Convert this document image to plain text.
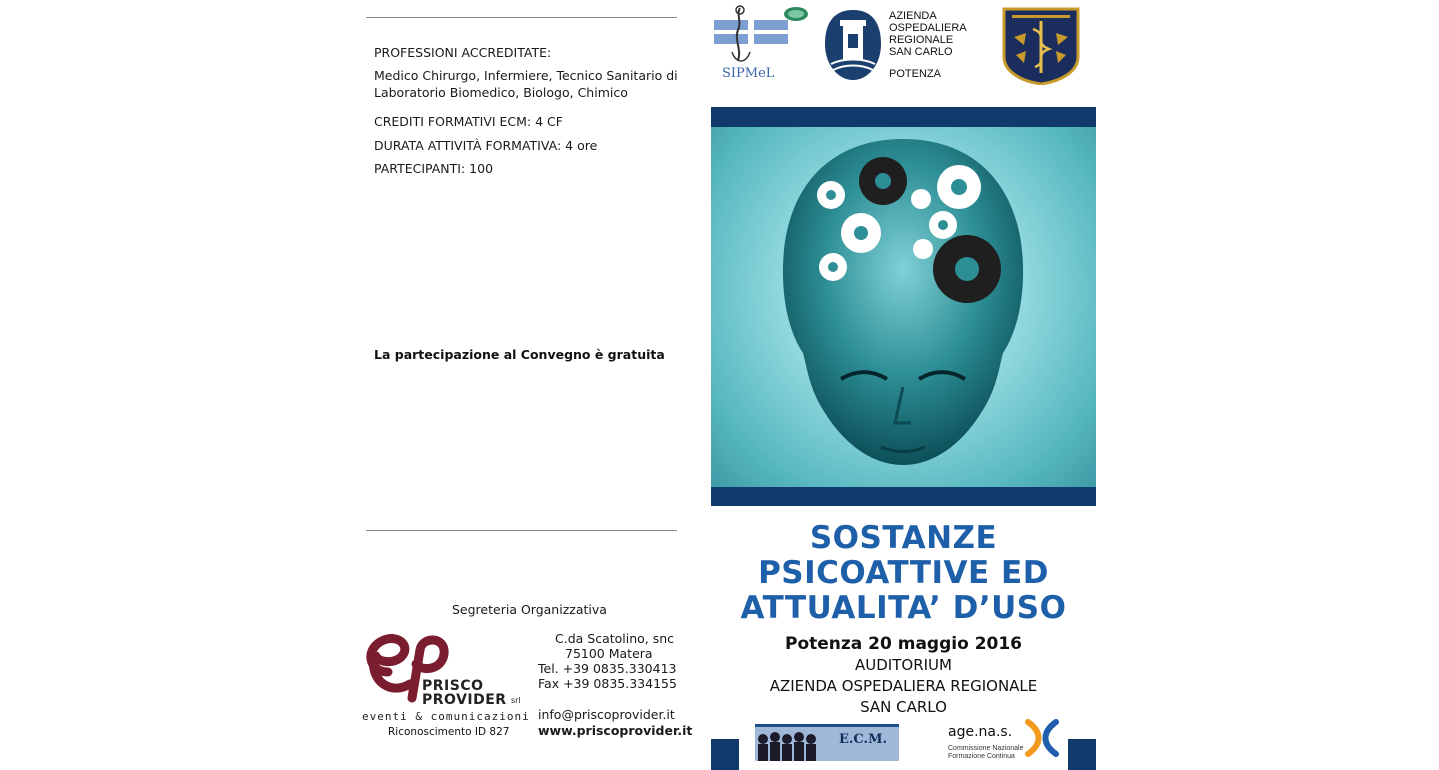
PROFESSIONI ACCREDITATE:
Medico Chirurgo, Infermiere, Tecnico Sanitario di
Laboratorio Biomedico, Biologo, Chimico
CREDITI FORMATIVI ECM: 4 CF
DURATA ATTIVITÀ FORMATIVA: 4 ore
PARTECIPANTI: 100
La partecipazione al Convegno è gratuita
Segreteria Organizzativa
PRISCO
PROVIDER srl
eventi & comunicazioni
Riconoscimento ID 827
C.da Scatolino, snc
75100 Matera
Tel. +39 0835.330413
Fax +39 0835.334155
info@priscoprovider.it
www.priscoprovider.it
SIPMeL
AZIENDA
OSPEDALIERA
REGIONALE
SAN CARLO
POTENZA
SOSTANZE
PSICOATTIVE ED
ATTUALITA’ D’USO
Potenza 20 maggio 2016
AUDITORIUM
AZIENDA OSPEDALIERA REGIONALE
SAN CARLO
E.C.M.	age.na.s.
Commissione Nazionale
Formazione Continua
